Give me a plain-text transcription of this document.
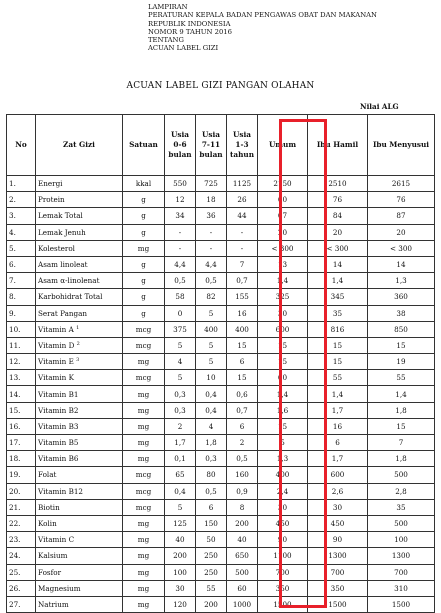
LAMPIRAN
PERATURAN KEPALA BADAN PENGAWAS OBAT DAN MAKANAN
REPUBLIK INDONESIA
NOMOR 9 TAHUN 2016
TENTANG
ACUAN LABEL GIZI
ACUAN LABEL GIZI PANGAN OLAHAN
Nilai ALG
No	Zat Gizi	Satuan	Usia 0-6 bulan	Usia 7-11 bulan	Usia 1-3 tahun	Umum	Ibu Hamil	Ibu Menyusui
1.	Energi	kkal	550	725	1125	2150	2510	2615
2.	Protein	g	12	18	26	60	76	76
3.	Lemak Total	g	34	36	44	67	84	87
4.	Lemak Jenuh	g	-	-	-	20	20	20
5.	Kolesterol	mg	-	-	-	< 300	< 300	< 300
6.	Asam linoleat	g	4,4	4,4	7	13	14	14
7.	Asam α-linolenat	g	0,5	0,5	0,7	1,4	1,4	1,3
8.	Karbohidrat Total	g	58	82	155	325	345	360
9.	Serat Pangan	g	0	5	16	30	35	38
10.	Vitamin A $^1$	mcg	375	400	400	600	816	850
11.	Vitamin D $^2$	mcg	5	5	15	15	15	15
12.	Vitamin E $^3$	mg	4	5	6	15	15	19
13.	Vitamin K	mcg	5	10	15	60	55	55
14.	Vitamin B1	mg	0,3	0,4	0,6	1,4	1,4	1,4
15.	Vitamin B2	mg	0,3	0,4	0,7	1,6	1,7	1,8
16.	Vitamin B3	mg	2	4	6	15	16	15
17.	Vitamin B5	mg	1,7	1,8	2	5	6	7
18.	Vitamin B6	mg	0,1	0,3	0,5	1,3	1,7	1,8
19.	Folat	mcg	65	80	160	400	600	500
20.	Vitamin B12	mcg	0,4	0,5	0,9	2,4	2,6	2,8
21.	Biotin	mcg	5	6	8	30	30	35
22.	Kolin	mg	125	150	200	450	450	500
23.	Vitamin C	mg	40	50	40	90	90	100
24.	Kalsium	mg	200	250	650	1100	1300	1300
25.	Fosfor	mg	100	250	500	700	700	700
26.	Magnesium	mg	30	55	60	350	350	310
27.	Natrium	mg	120	200	1000	1500	1500	1500
